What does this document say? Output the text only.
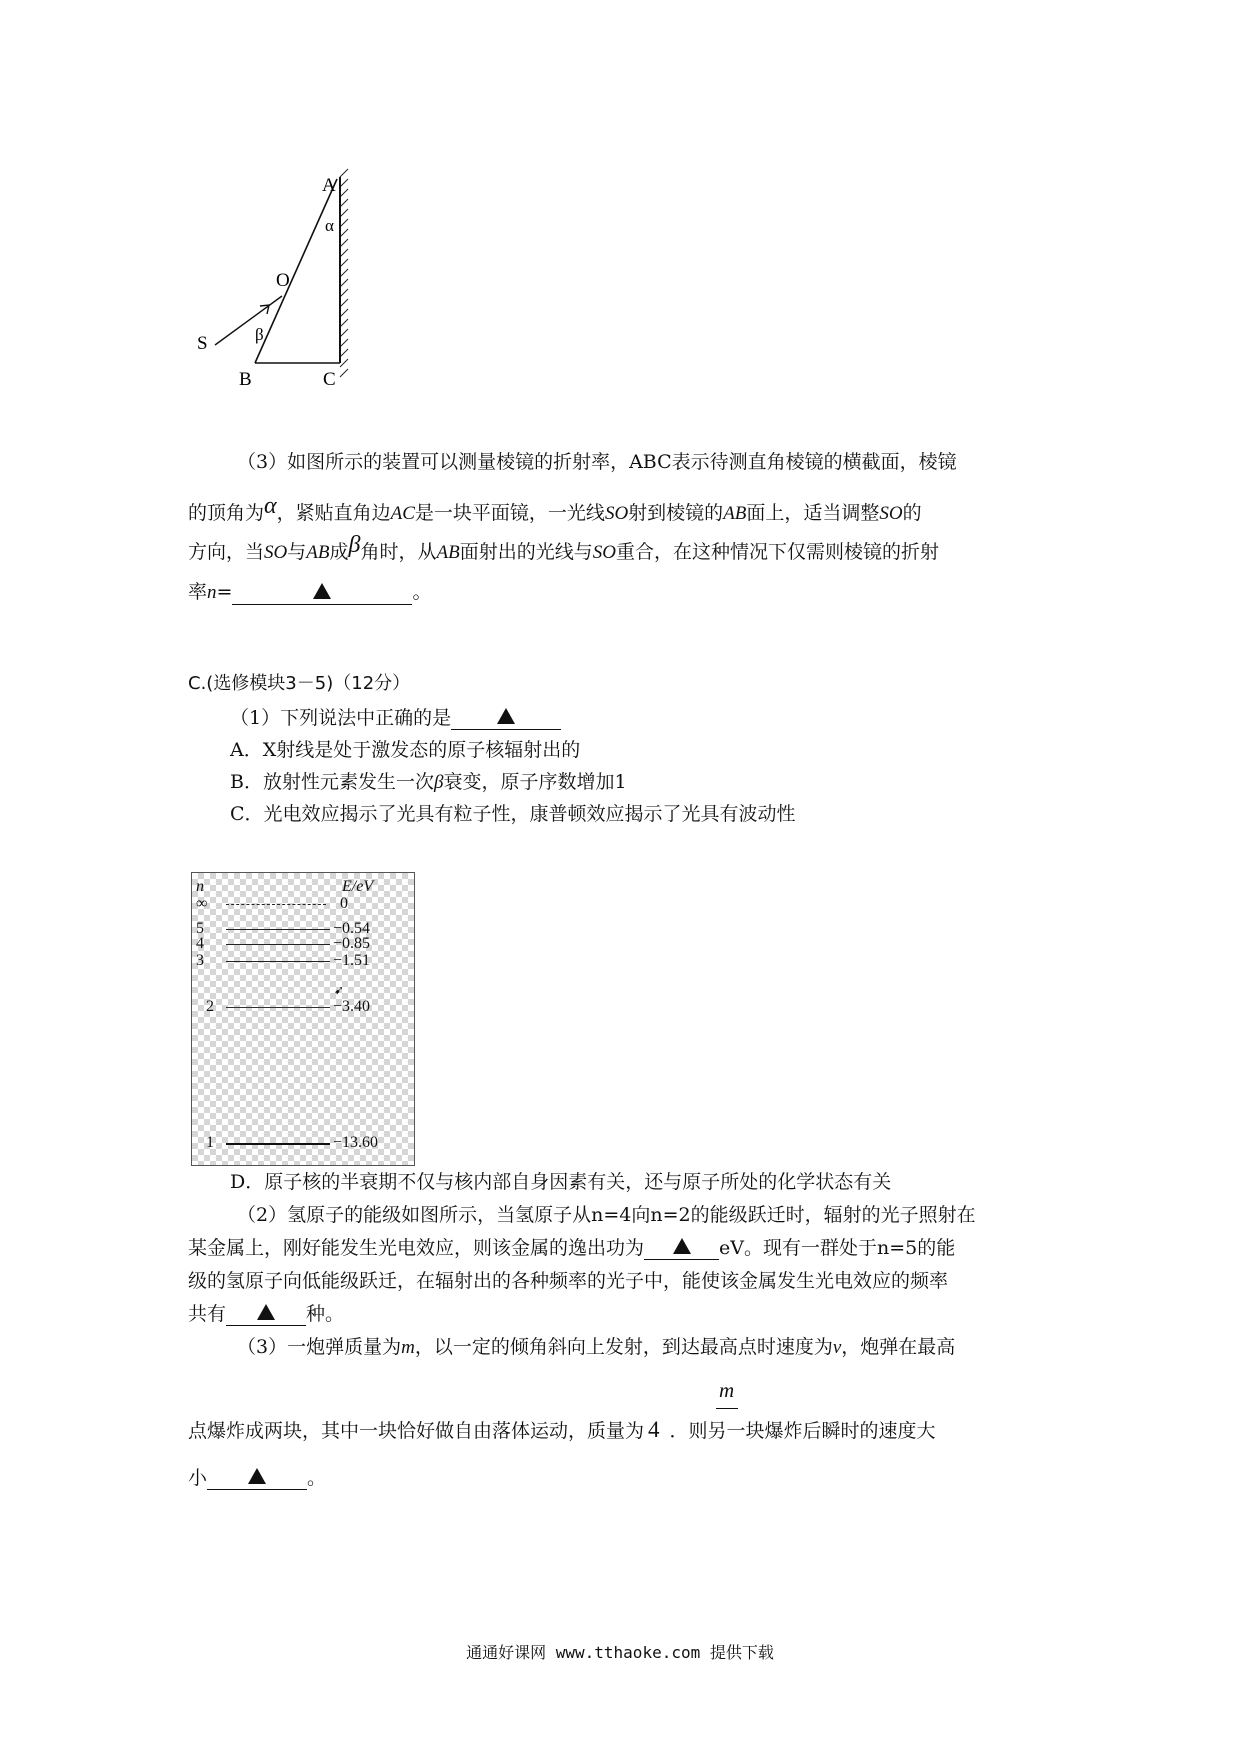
A
α
O
β
S
B	C
（3）如图所示的装置可以测量棱镜的折射率，ABC表示待测直角棱镜的横截面，棱镜
的顶角为α，紧贴直角边AC是一块平面镜，一光线SO射到棱镜的AB面上，适当调整SO的
方向，当SO与AB成β角时，从AB面射出的光线与SO重合，在这种情况下仅需则棱镜的折射
率n=	。
C.(选修模块3－5)（12分）
（1）下列说法中正确的是
A．X射线是处于激发态的原子核辐射出的
B．放射性元素发生一次β衰变，原子序数增加1
C．光电效应揭示了光具有粒子性，康普顿效应揭示了光具有波动性
n	E/eV
∞	0
5	−0.54
4	−0.85
3	−1.51
➹
2	−3.40
1	−13.60
D．原子核的半衰期不仅与核内部自身因素有关，还与原子所处的化学状态有关
（2）氢原子的能级如图所示，当氢原子从n=4向n=2的能级跃迁时，辐射的光子照射在
某金属上，刚好能发生光电效应，则该金属的逸出功为	eV。现有一群处于n=5的能
级的氢原子向低能级跃迁，在辐射出的各种频率的光子中，能使该金属发生光电效应的频率
共有	种。
（3）一炮弹质量为m，以一定的倾角斜向上发射，到达最高点时速度为v，炮弹在最高
m
点爆炸成两块，其中一块恰好做自由落体运动，质量为 4 ．则另一块爆炸后瞬时的速度大
小	。
通通好课网 www.tthaoke.com 提供下载
